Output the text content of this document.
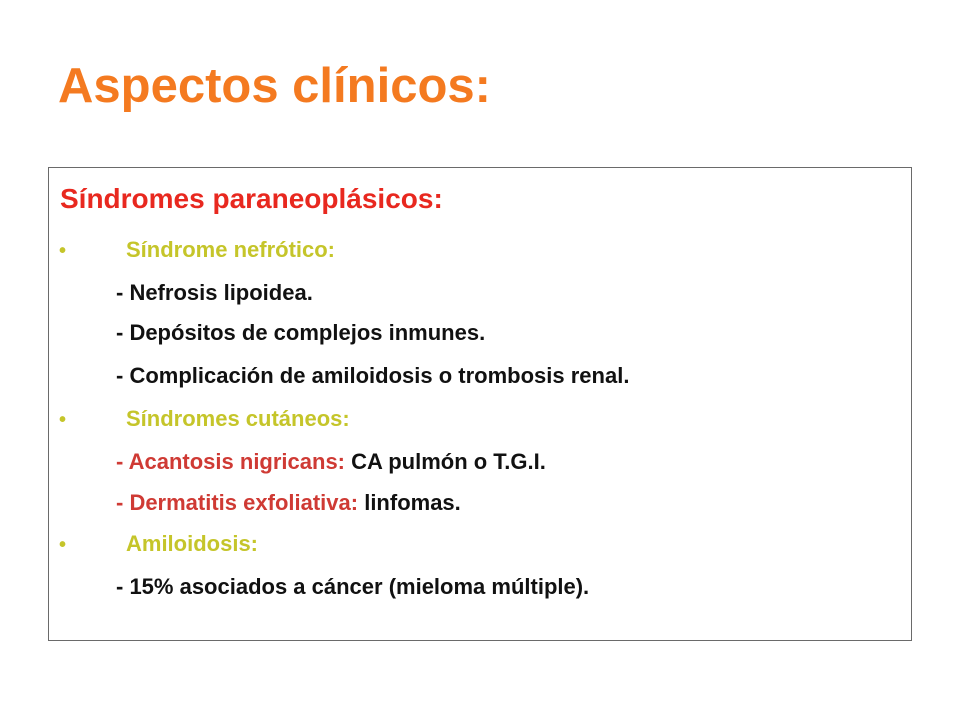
Aspectos clínicos:
Síndromes paraneoplásicos:
•	Síndrome nefrótico:
- Nefrosis lipoidea.
- Depósitos de complejos inmunes.
- Complicación de amiloidosis o trombosis renal.
•	Síndromes cutáneos:
- Acantosis nigricans: CA pulmón o T.G.I.
- Dermatitis exfoliativa: linfomas.
•	Amiloidosis:
- 15% asociados a cáncer (mieloma múltiple).
